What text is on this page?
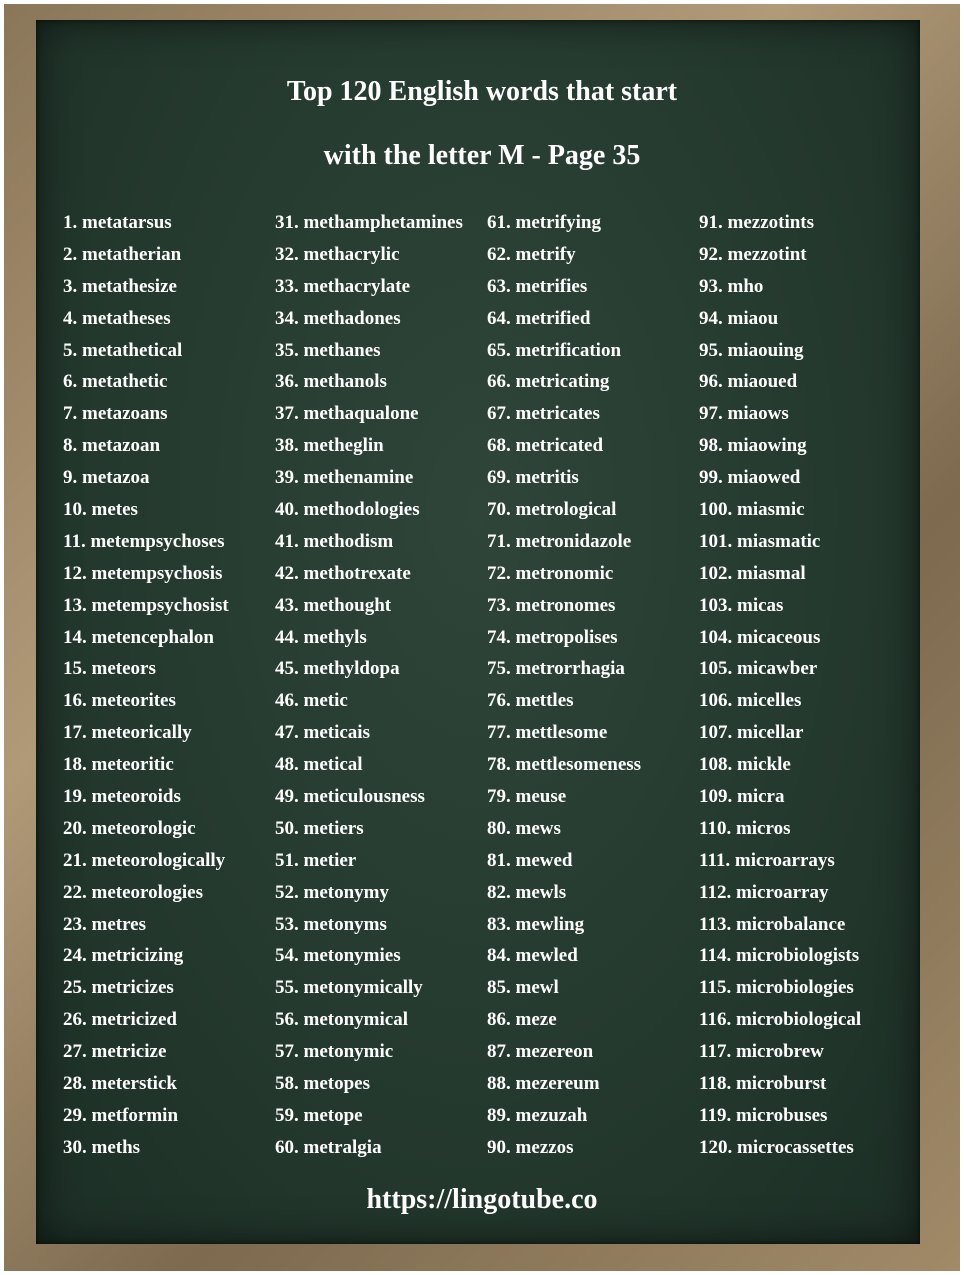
Top 120 English words that start
with the letter M - Page 35
1. metatarsus
2. metatherian
3. metathesize
4. metatheses
5. metathetical
6. metathetic
7. metazoans
8. metazoan
9. metazoa
10. metes
11. metempsychoses
12. metempsychosis
13. metempsychosist
14. metencephalon
15. meteors
16. meteorites
17. meteorically
18. meteoritic
19. meteoroids
20. meteorologic
21. meteorologically
22. meteorologies
23. metres
24. metricizing
25. metricizes
26. metricized
27. metricize
28. meterstick
29. metformin
30. meths
31. methamphetamines
32. methacrylic
33. methacrylate
34. methadones
35. methanes
36. methanols
37. methaqualone
38. metheglin
39. methenamine
40. methodologies
41. methodism
42. methotrexate
43. methought
44. methyls
45. methyldopa
46. metic
47. meticais
48. metical
49. meticulousness
50. metiers
51. metier
52. metonymy
53. metonyms
54. metonymies
55. metonymically
56. metonymical
57. metonymic
58. metopes
59. metope
60. metralgia
61. metrifying
62. metrify
63. metrifies
64. metrified
65. metrification
66. metricating
67. metricates
68. metricated
69. metritis
70. metrological
71. metronidazole
72. metronomic
73. metronomes
74. metropolises
75. metrorrhagia
76. mettles
77. mettlesome
78. mettlesomeness
79. meuse
80. mews
81. mewed
82. mewls
83. mewling
84. mewled
85. mewl
86. meze
87. mezereon
88. mezereum
89. mezuzah
90. mezzos
91. mezzotints
92. mezzotint
93. mho
94. miaou
95. miaouing
96. miaoued
97. miaows
98. miaowing
99. miaowed
100. miasmic
101. miasmatic
102. miasmal
103. micas
104. micaceous
105. micawber
106. micelles
107. micellar
108. mickle
109. micra
110. micros
111. microarrays
112. microarray
113. microbalance
114. microbiologists
115. microbiologies
116. microbiological
117. microbrew
118. microburst
119. microbuses
120. microcassettes
https://lingotube.co
